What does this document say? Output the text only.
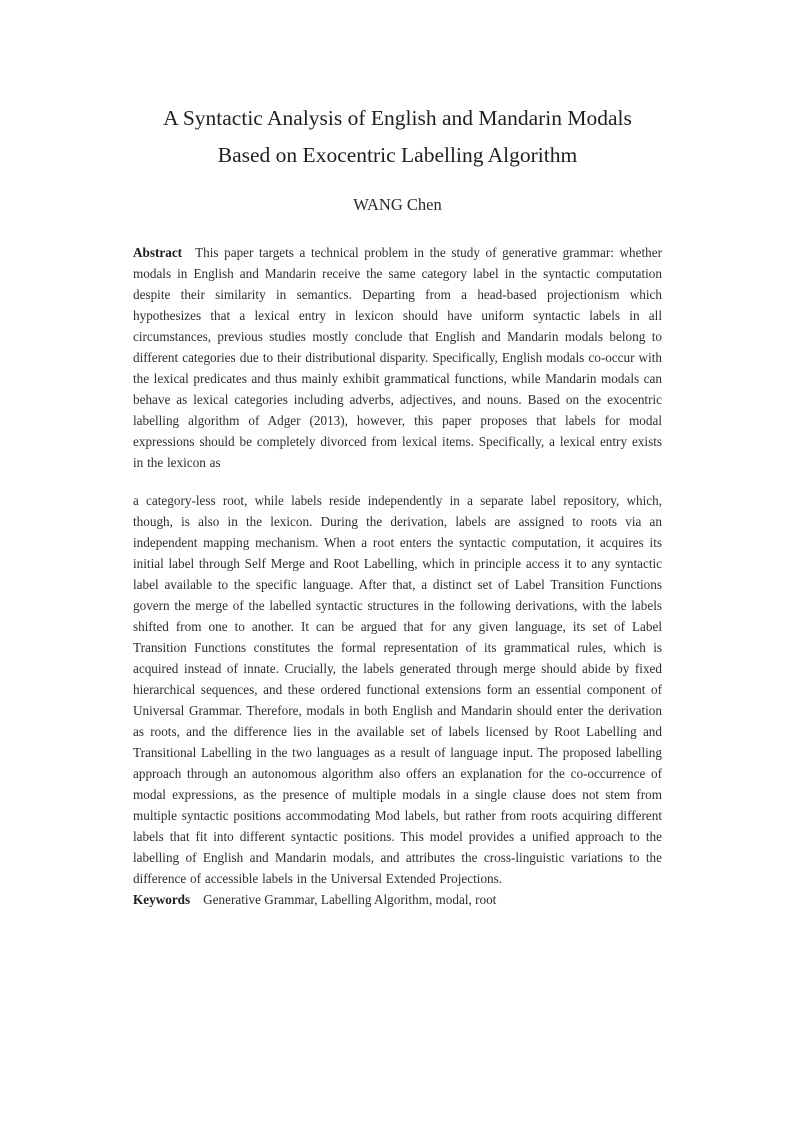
A Syntactic Analysis of English and Mandarin Modals
Based on Exocentric Labelling Algorithm
WANG Chen

Abstract This paper targets a technical problem in the study of generative grammar: whether modals in English and Mandarin receive the same category label in the syntactic computation despite their similarity in semantics. Departing from a head-based projectionism which hypothesizes that a lexical entry in lexicon should have uniform syntactic labels in all circumstances, previous studies mostly conclude that English and Mandarin modals belong to different categories due to their distributional disparity. Specifically, English modals co-occur with the lexical predicates and thus mainly exhibit grammatical functions, while Mandarin modals can behave as lexical categories including adverbs, adjectives, and nouns. Based on the exocentric labelling algorithm of Adger (2013), however, this paper proposes that labels for modal expressions should be completely divorced from lexical items. Specifically, a lexical entry exists in the lexicon as

a category-less root, while labels reside independently in a separate label repository, which, though, is also in the lexicon. During the derivation, labels are assigned to roots via an independent mapping mechanism. When a root enters the syntactic computation, it acquires its initial label through Self Merge and Root Labelling, which in principle access it to any syntactic label available to the specific language. After that, a distinct set of Label Transition Functions govern the merge of the labelled syntactic structures in the following derivations, with the labels shifted from one to another. It can be argued that for any given language, its set of Label Transition Functions constitutes the formal representation of its grammatical rules, which is acquired instead of innate. Crucially, the labels generated through merge should abide by fixed hierarchical sequences, and these ordered functional extensions form an essential component of Universal Grammar. Therefore, modals in both English and Mandarin should enter the derivation as roots, and the difference lies in the available set of labels licensed by Root Labelling and Transitional Labelling in the two languages as a result of language input. The proposed labelling approach through an autonomous algorithm also offers an explanation for the co-occurrence of modal expressions, as the presence of multiple modals in a single clause does not stem from multiple syntactic positions accommodating Mod labels, but rather from roots acquiring different labels that fit into different syntactic positions. This model provides a unified approach to the labelling of English and Mandarin modals, and attributes the cross-linguistic variations to the difference of accessible labels in the Universal Extended Projections.

Keywords Generative Grammar, Labelling Algorithm, modal, root
